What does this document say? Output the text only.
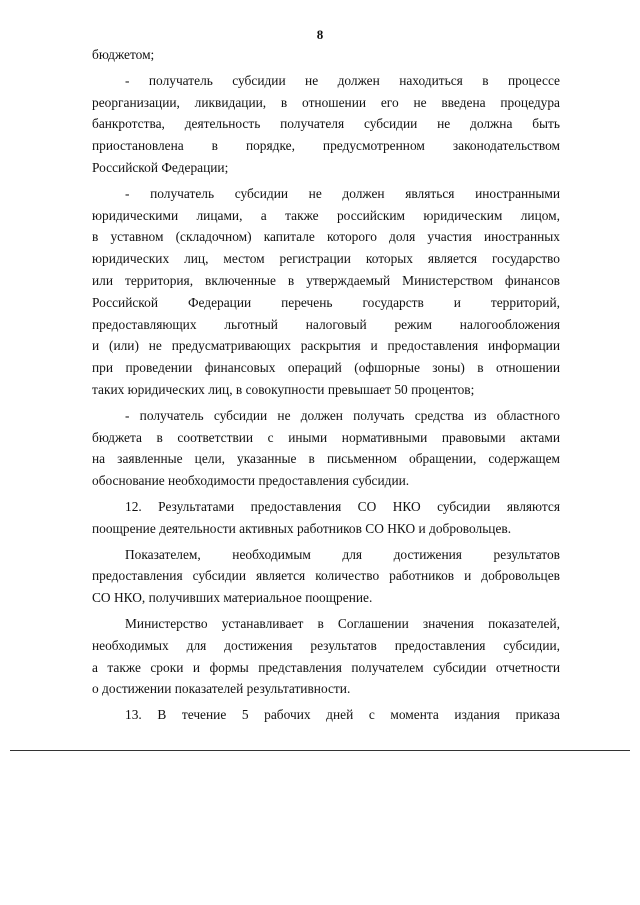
8
бюджетом;
- получатель субсидии не должен находиться в процессе
реорганизации, ликвидации, в отношении его не введена процедура
банкротства, деятельность получателя субсидии не должна быть
приостановлена в порядке, предусмотренном законодательством
Российской Федерации;
- получатель субсидии не должен являться иностранными
юридическими лицами, а также российским юридическим лицом,
в уставном (складочном) капитале которого доля участия иностранных
юридических лиц, местом регистрации которых является государство
или территория, включенные в утверждаемый Министерством финансов
Российской Федерации перечень государств и территорий,
предоставляющих льготный налоговый режим налогообложения
и (или) не предусматривающих раскрытия и предоставления информации
при проведении финансовых операций (офшорные зоны) в отношении
таких юридических лиц, в совокупности превышает 50 процентов;
- получатель субсидии не должен получать средства из областного
бюджета в соответствии с иными нормативными правовыми актами
на заявленные цели, указанные в письменном обращении, содержащем
обоснование необходимости предоставления субсидии.
12. Результатами предоставления СО НКО субсидии являются
поощрение деятельности активных работников СО НКО и добровольцев.
Показателем, необходимым для достижения результатов
предоставления субсидии является количество работников и добровольцев
СО НКО, получивших материальное поощрение.
Министерство устанавливает в Соглашении значения показателей,
необходимых для достижения результатов предоставления субсидии,
а также сроки и формы представления получателем субсидии отчетности
о достижении показателей результативности.
13. В течение 5 рабочих дней с момента издания приказа
